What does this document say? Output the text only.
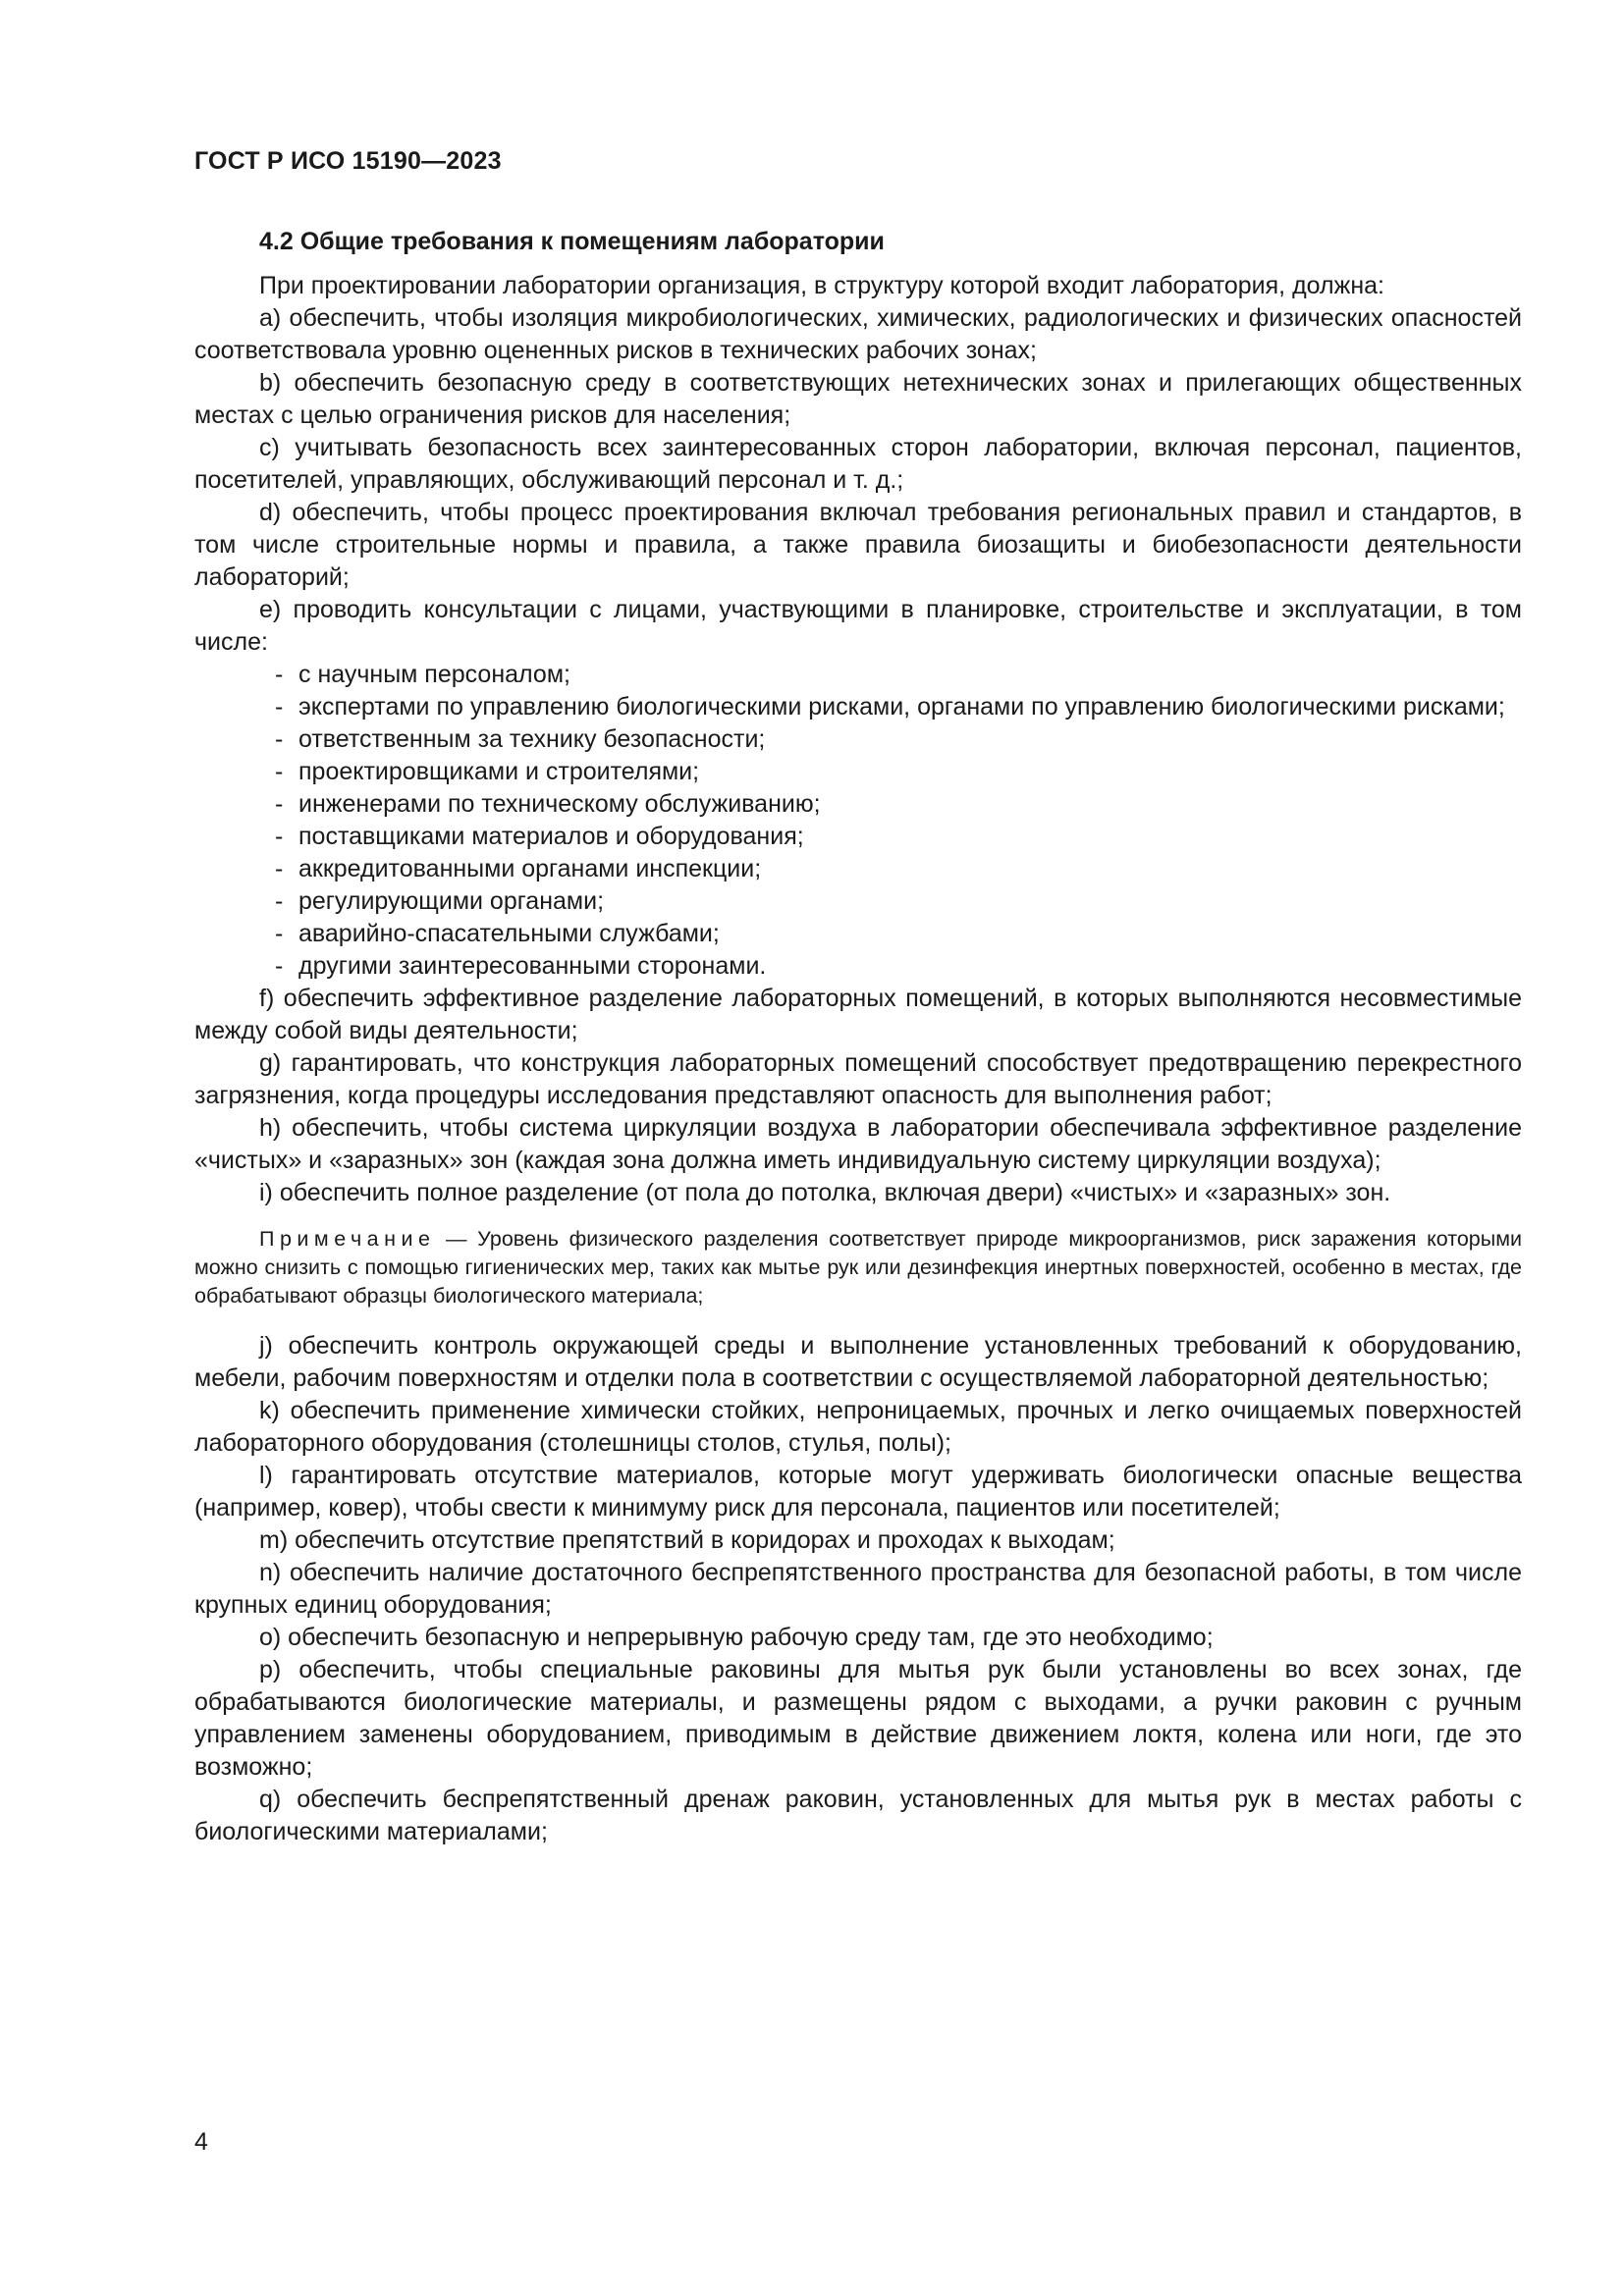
ГОСТ Р ИСО 15190—2023

4.2 Общие требования к помещениям лаборатории

При проектировании лаборатории организация, в структуру которой входит лаборатория, должна:

a) обеспечить, чтобы изоляция микробиологических, химических, радиологических и физических опасностей соответствовала уровню оцененных рисков в технических рабочих зонах;

b) обеспечить безопасную среду в соответствующих нетехнических зонах и прилегающих общественных местах с целью ограничения рисков для населения;

c) учитывать безопасность всех заинтересованных сторон лаборатории, включая персонал, пациентов, посетителей, управляющих, обслуживающий персонал и т. д.;

d) обеспечить, чтобы процесс проектирования включал требования региональных правил и стандартов, в том числе строительные нормы и правила, а также правила биозащиты и биобезопасности деятельности лабораторий;

e) проводить консультации с лицами, участвующими в планировке, строительстве и эксплуатации, в том числе:

- с научным персоналом;

- экспертами по управлению биологическими рисками, органами по управлению биологическими рисками;

- ответственным за технику безопасности;

- проектировщиками и строителями;

- инженерами по техническому обслуживанию;

- поставщиками материалов и оборудования;

- аккредитованными органами инспекции;

- регулирующими органами;

- аварийно-спасательными службами;

- другими заинтересованными сторонами.

f) обеспечить эффективное разделение лабораторных помещений, в которых выполняются несовместимые между собой виды деятельности;

g) гарантировать, что конструкция лабораторных помещений способствует предотвращению перекрестного загрязнения, когда процедуры исследования представляют опасность для выполнения работ;

h) обеспечить, чтобы система циркуляции воздуха в лаборатории обеспечивала эффективное разделение «чистых» и «заразных» зон (каждая зона должна иметь индивидуальную систему циркуляции воздуха);

i) обеспечить полное разделение (от пола до потолка, включая двери) «чистых» и «заразных» зон.

Примечание — Уровень физического разделения соответствует природе микроорганизмов, риск заражения которыми можно снизить с помощью гигиенических мер, таких как мытье рук или дезинфекция инертных поверхностей, особенно в местах, где обрабатывают образцы биологического материала;

j) обеспечить контроль окружающей среды и выполнение установленных требований к оборудованию, мебели, рабочим поверхностям и отделки пола в соответствии с осуществляемой лабораторной деятельностью;

k) обеспечить применение химически стойких, непроницаемых, прочных и легко очищаемых поверхностей лабораторного оборудования (столешницы столов, стулья, полы);

l) гарантировать отсутствие материалов, которые могут удерживать биологически опасные вещества (например, ковер), чтобы свести к минимуму риск для персонала, пациентов или посетителей;

m) обеспечить отсутствие препятствий в коридорах и проходах к выходам;

n) обеспечить наличие достаточного беспрепятственного пространства для безопасной работы, в том числе крупных единиц оборудования;

o) обеспечить безопасную и непрерывную рабочую среду там, где это необходимо;

p) обеспечить, чтобы специальные раковины для мытья рук были установлены во всех зонах, где обрабатываются биологические материалы, и размещены рядом с выходами, а ручки раковин с ручным управлением заменены оборудованием, приводимым в действие движением локтя, колена или ноги, где это возможно;

q) обеспечить беспрепятственный дренаж раковин, установленных для мытья рук в местах работы с биологическими материалами;

4
